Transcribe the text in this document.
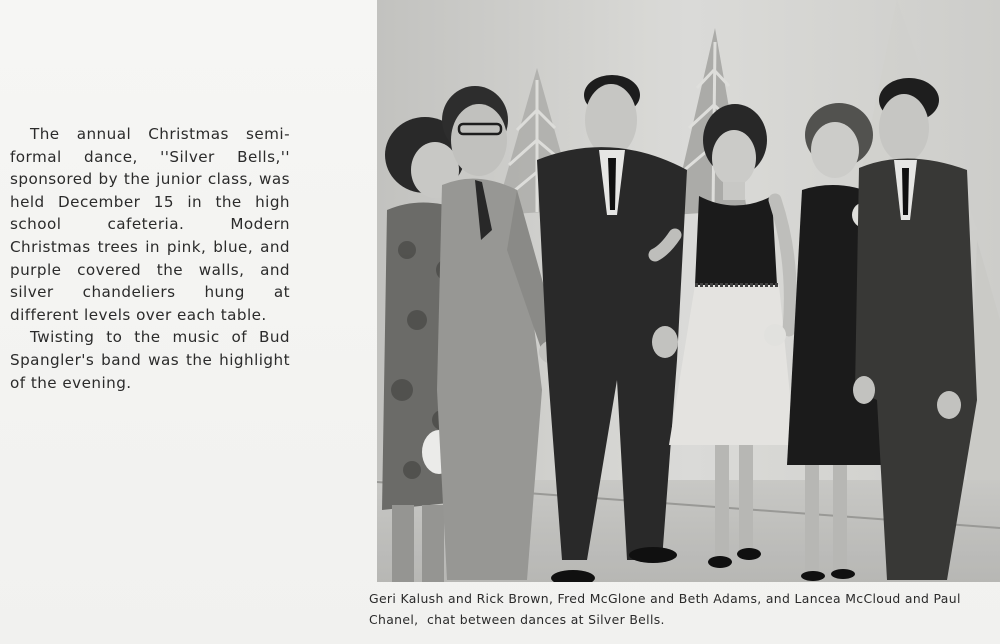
The annual Christmas semi-formal dance, ''Silver Bells,'' sponsored by the junior class, was held December 15 in the high school cafeteria. Modern Christmas trees in pink, blue, and purple covered the walls, and silver chandeliers hung at different levels over each table.

Twisting to the music of Bud Spangler's band was the highlight of the evening.

Geri Kalush and Rick Brown, Fred McGlone and Beth Adams, and Lancea McCloud and Paul
Chanel,  chat between dances at Silver Bells.
